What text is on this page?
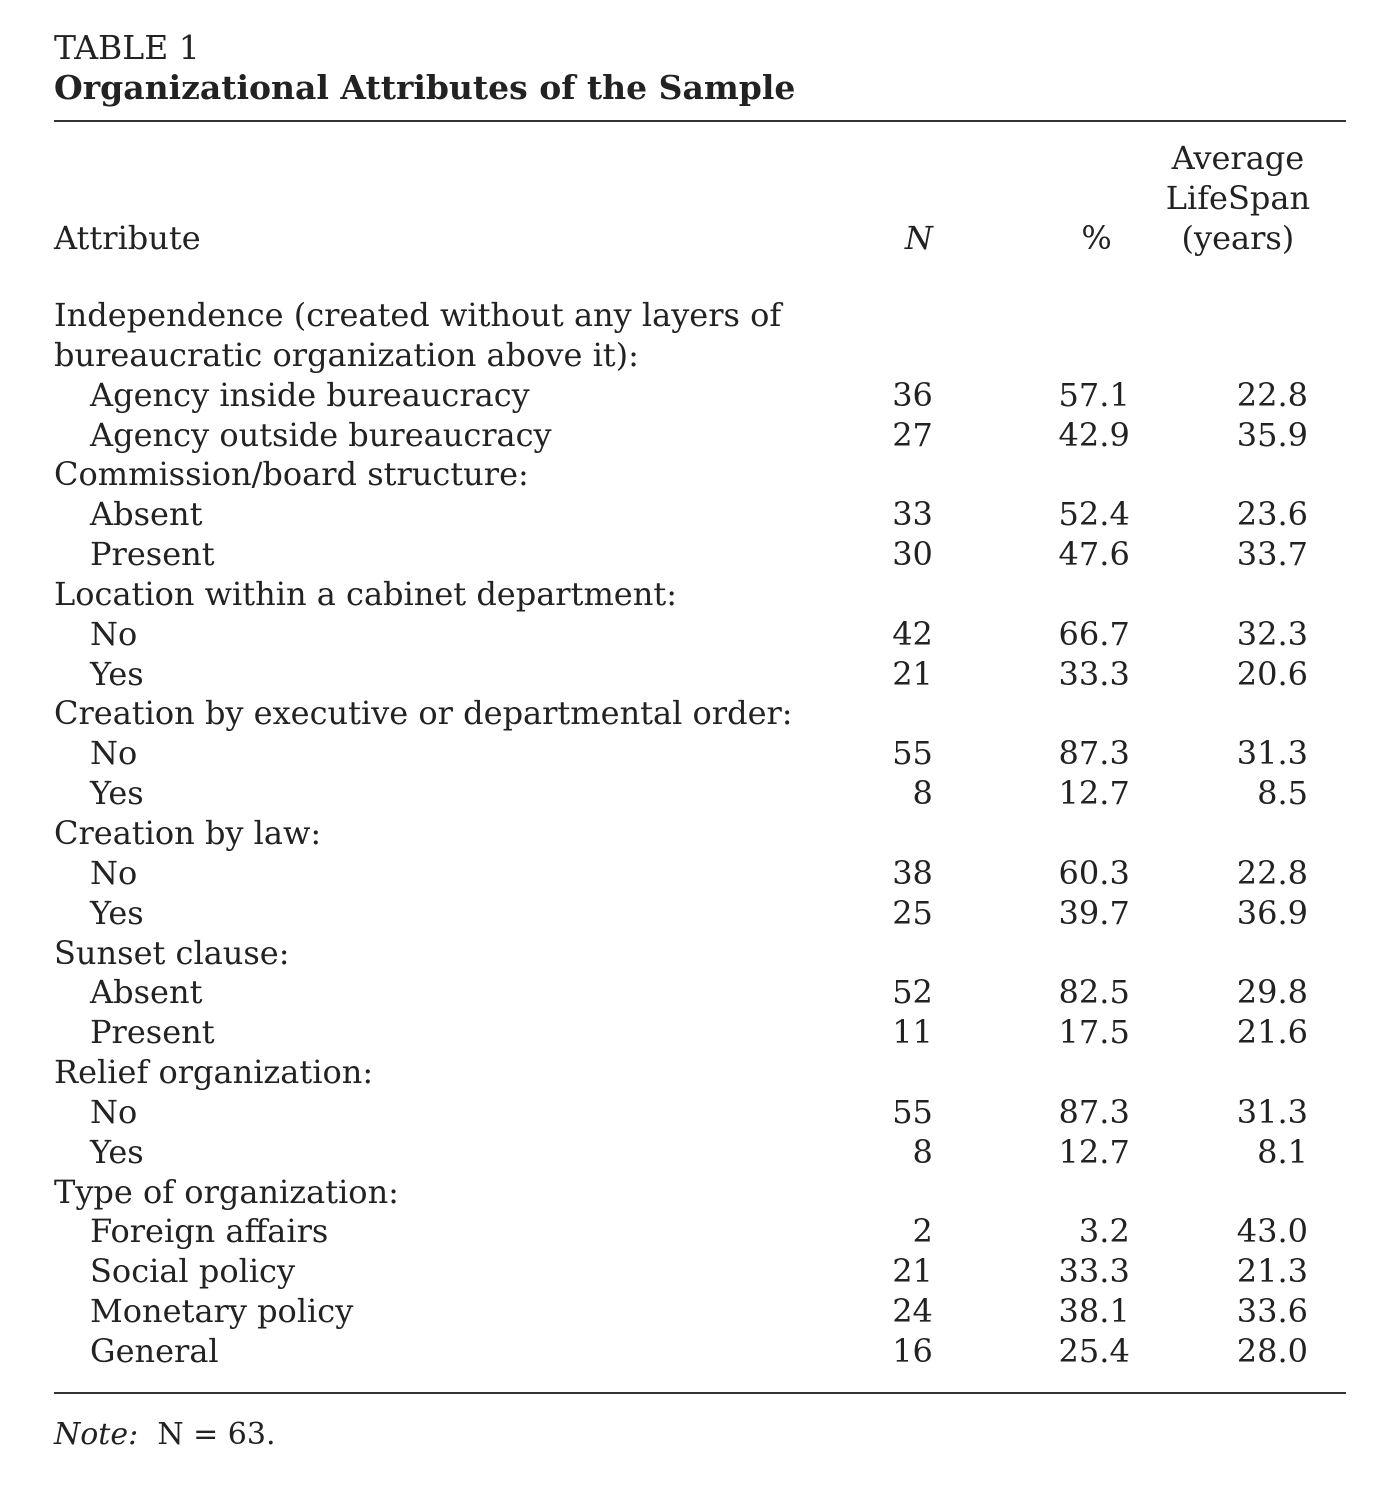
TABLE 1
Organizational Attributes of the Sample
Attribute	N	%	Average
LifeSpan
(years)

Independence (created without any layers of			
bureaucratic organization above it):			
Agency inside bureaucracy	36	57.1	22.8
Agency outside bureaucracy	27	42.9	35.9
Commission/board structure:			
Absent	33	52.4	23.6
Present	30	47.6	33.7
Location within a cabinet department:			
No	42	66.7	32.3
Yes	21	33.3	20.6
Creation by executive or departmental order:			
No	55	87.3	31.3
Yes	8	12.7	8.5
Creation by law:			
No	38	60.3	22.8
Yes	25	39.7	36.9
Sunset clause:			
Absent	52	82.5	29.8
Present	11	17.5	21.6
Relief organization:			
No	55	87.3	31.3
Yes	8	12.7	8.1
Type of organization:			
Foreign affairs	2	3.2	43.0
Social policy	21	33.3	21.3
Monetary policy	24	38.1	33.6
General	16	25.4	28.0
Note: N = 63.
